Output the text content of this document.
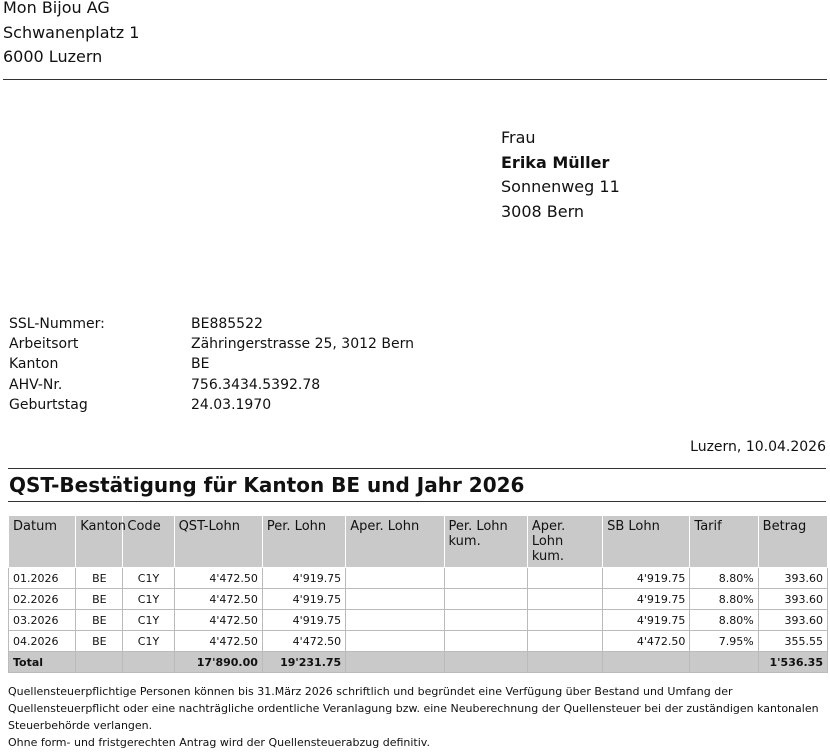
Mon Bijou AG
Schwanenplatz 1
6000 Luzern
Frau
Erika Müller
Sonnenweg 11
3008 Bern
SSL-Nummer:	BE885522
Arbeitsort	Zähringerstrasse 25, 3012 Bern
Kanton	BE
AHV-Nr.	756.3434.5392.78
Geburtstag	24.03.1970
Luzern, 10.04.2026
QST-Bestätigung für Kanton BE und Jahr 2026
Datum	Kanton	Code	QST-Lohn	Per. Lohn	Aper. Lohn	Per. Lohn kum.	Aper. Lohn kum.	SB Lohn	Tarif	Betrag
01.2026	BE	C1Y	4'472.50	4'919.75				4'919.75	8.80%	393.60
02.2026	BE	C1Y	4'472.50	4'919.75				4'919.75	8.80%	393.60
03.2026	BE	C1Y	4'472.50	4'919.75				4'919.75	8.80%	393.60
04.2026	BE	C1Y	4'472.50	4'472.50				4'472.50	7.95%	355.55
Total			17'890.00	19'231.75						1'536.35

Quellensteuerpflichtige Personen können bis 31.März 2026 schriftlich und begründet eine Verfügung über Bestand und Umfang der Quellensteuerpflicht oder eine nachträgliche ordentliche Veranlagung bzw. eine Neuberechnung der Quellensteuer bei der zuständigen kantonalen Steuerbehörde verlangen.

Ohne form- und fristgerechten Antrag wird der Quellensteuerabzug definitiv.
